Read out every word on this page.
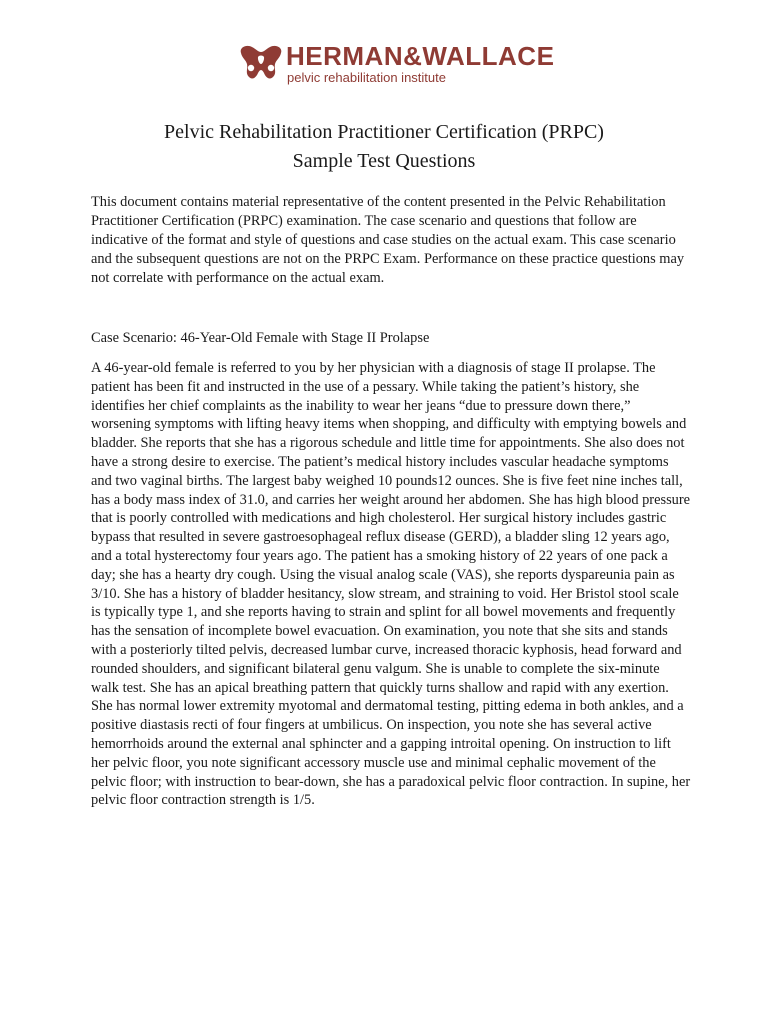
HERMAN&WALLACE
pelvic rehabilitation institute
Pelvic Rehabilitation Practitioner Certification (PRPC)
Sample Test Questions

This document contains material representative of the content presented in the Pelvic Rehabilitation Practitioner Certification (PRPC) examination. The case scenario and questions that follow are indicative of the format and style of questions and case studies on the actual exam. This case scenario and the subsequent questions are not on the PRPC Exam. Performance on these practice questions may not correlate with performance on the actual exam.

Case Scenario: 46-Year-Old Female with Stage II Prolapse

A 46-year-old female is referred to you by her physician with a diagnosis of stage II prolapse. The patient has been fit and instructed in the use of a pessary. While taking the patient’s history, she identifies her chief complaints as the inability to wear her jeans “due to pressure down there,” worsening symptoms with lifting heavy items when shopping, and difficulty with emptying bowels and bladder. She reports that she has a rigorous schedule and little time for appointments. She also does not have a strong desire to exercise. The patient’s medical history includes vascular headache symptoms and two vaginal births. The largest baby weighed 10 pounds12 ounces. She is five feet nine inches tall, has a body mass index of 31.0, and carries her weight around her abdomen. She has high blood pressure that is poorly controlled with medications and high cholesterol. Her surgical history includes gastric bypass that resulted in severe gastroesophageal reflux disease (GERD), a bladder sling 12 years ago, and a total hysterectomy four years ago. The patient has a smoking history of 22 years of one pack a day; she has a hearty dry cough. Using the visual analog scale (VAS), she reports dyspareunia pain as 3/10. She has a history of bladder hesitancy, slow stream, and straining to void. Her Bristol stool scale is typically type 1, and she reports having to strain and splint for all bowel movements and frequently has the sensation of incomplete bowel evacuation. On examination, you note that she sits and stands with a posteriorly tilted pelvis, decreased lumbar curve, increased thoracic kyphosis, head forward and rounded shoulders, and significant bilateral genu valgum. She is unable to complete the six-minute walk test. She has an apical breathing pattern that quickly turns shallow and rapid with any exertion. She has normal lower extremity myotomal and dermatomal testing, pitting edema in both ankles, and a positive diastasis recti of four fingers at umbilicus. On inspection, you note she has several active hemorrhoids around the external anal sphincter and a gapping introital opening. On instruction to lift her pelvic floor, you note significant accessory muscle use and minimal cephalic movement of the pelvic floor; with instruction to bear-down, she has a paradoxical pelvic floor contraction. In supine, her pelvic floor contraction strength is 1/5.
